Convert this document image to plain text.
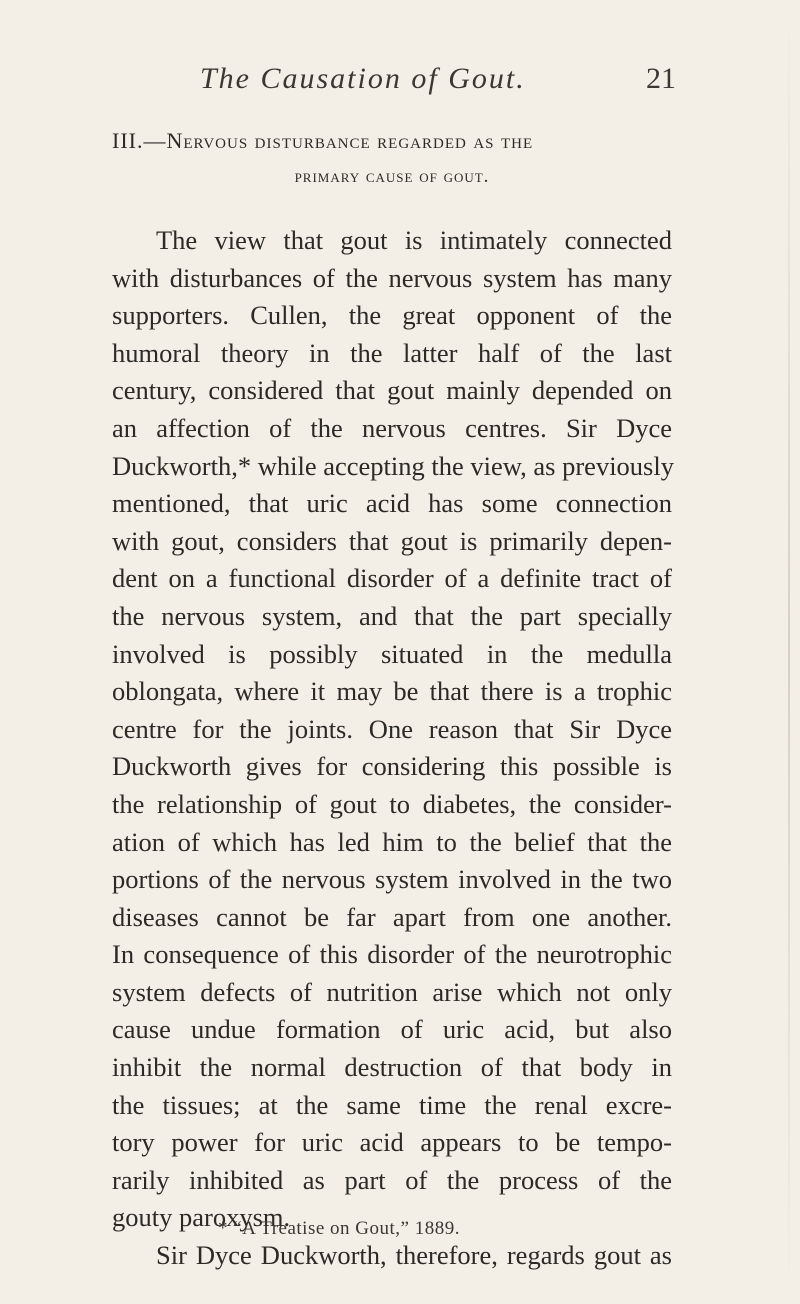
The Causation of Gout.	21
III.—Nervous disturbance regarded as the
primary cause of gout.
The view that gout is intimately connected
with disturbances of the nervous system has many
supporters. Cullen, the great opponent of the
humoral theory in the latter half of the last
century, considered that gout mainly depended on
an affection of the nervous centres. Sir Dyce
Duckworth,* while accepting the view, as previously
mentioned, that uric acid has some connection
with gout, considers that gout is primarily depen-
dent on a functional disorder of a definite tract of
the nervous system, and that the part specially
involved is possibly situated in the medulla
oblongata, where it may be that there is a trophic
centre for the joints. One reason that Sir Dyce
Duckworth gives for considering this possible is
the relationship of gout to diabetes, the consider-
ation of which has led him to the belief that the
portions of the nervous system involved in the two
diseases cannot be far apart from one another.
In consequence of this disorder of the neurotrophic
system defects of nutrition arise which not only
cause undue formation of uric acid, but also
inhibit the normal destruction of that body in
the tissues; at the same time the renal excre-
tory power for uric acid appears to be tempo-
rarily inhibited as part of the process of the
gouty paroxysm.
Sir Dyce Duckworth, therefore, regards gout as
* “A Treatise on Gout,” 1889.
